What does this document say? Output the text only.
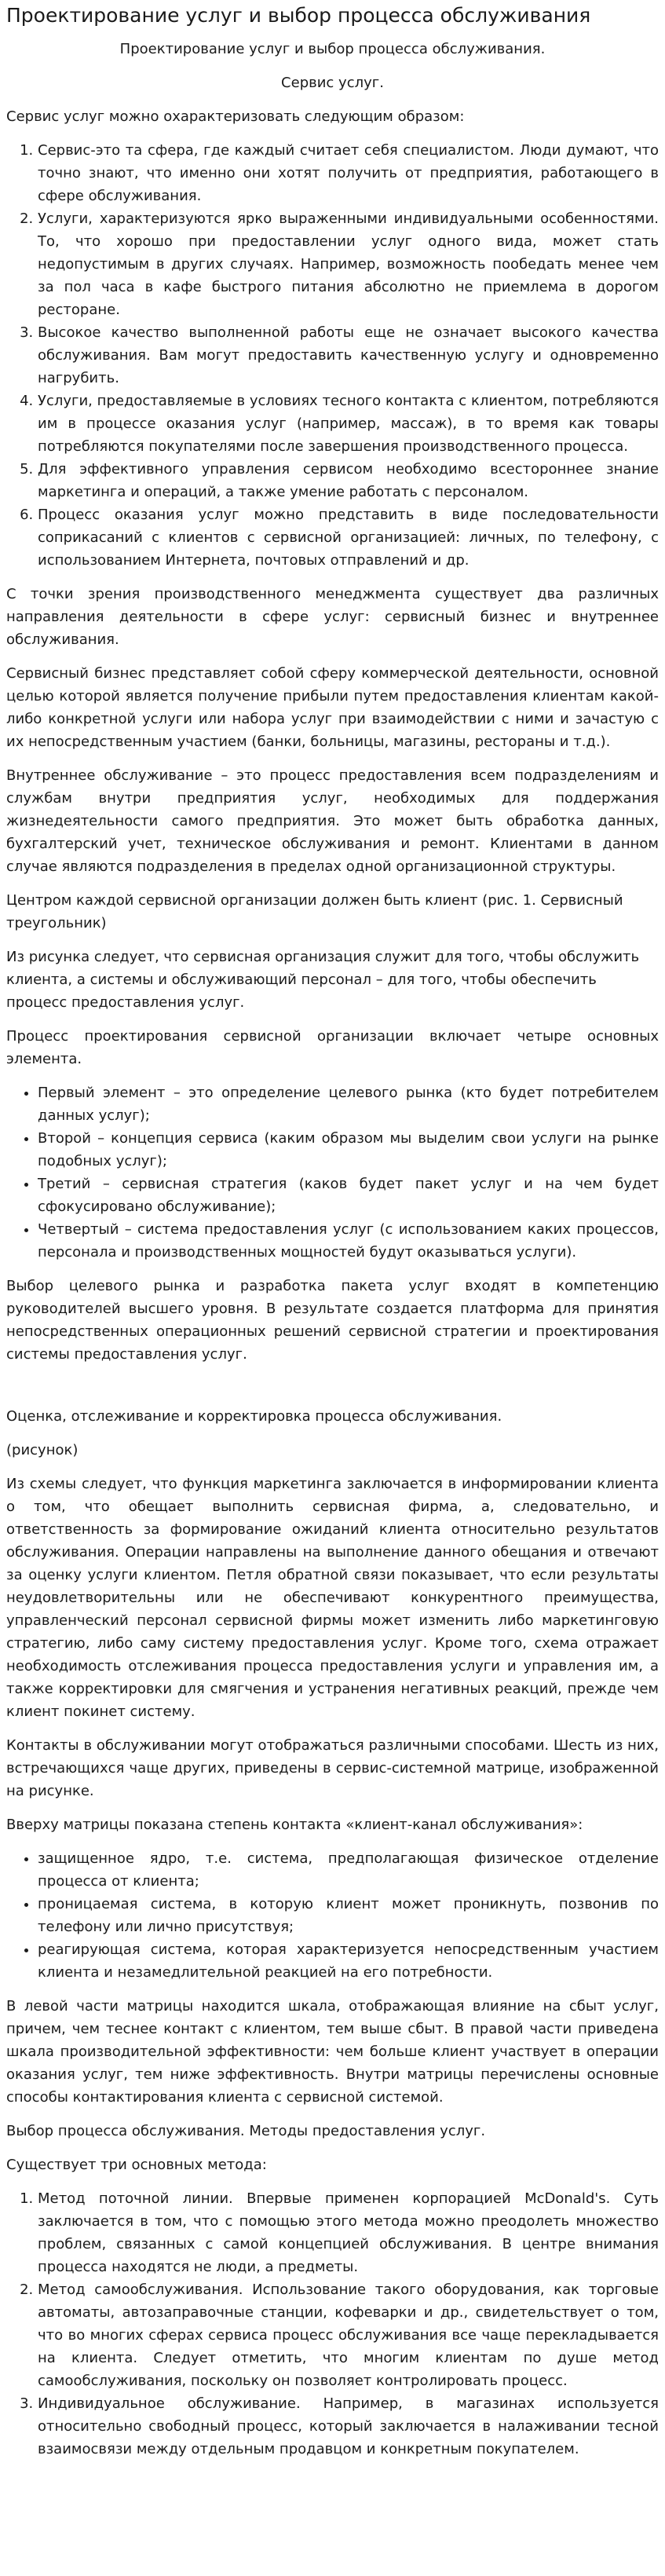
Проектирование услуг и выбор процесса обслуживания

Проектирование услуг и выбор процесса обслуживания.

Сервис услуг.

Сервис услуг можно охарактеризовать следующим образом:

1. Сервис-это та сфера, где каждый считает себя специалистом. Люди думают, что точно знают, что именно они хотят получить от предприятия, работающего в сфере обслуживания.
2. Услуги, характеризуются ярко выраженными индивидуальными особенностями. То, что хорошо при предоставлении услуг одного вида, может стать недопустимым в других случаях. Например, возможность пообедать менее чем за пол часа в кафе быстрого питания абсолютно не приемлема в дорогом ресторане.
3. Высокое качество выполненной работы еще не означает высокого качества обслуживания. Вам могут предоставить качественную услугу и одновременно нагрубить.
4. Услуги, предоставляемые в условиях тесного контакта с клиентом, потребляются им в процессе оказания услуг (например, массаж), в то время как товары потребляются покупателями после завершения производственного процесса.
5. Для эффективного управления сервисом необходимо всестороннее знание маркетинга и операций, а также умение работать с персоналом.
6. Процесс оказания услуг можно представить в виде последовательности соприкасаний с клиентов с сервисной организацией: личных, по телефону, с использованием Интернета, почтовых отправлений и др.

С точки зрения производственного менеджмента существует два различных направления деятельности в сфере услуг: сервисный бизнес и внутреннее обслуживания.

Сервисный бизнес представляет собой сферу коммерческой деятельности, основной целью которой является получение прибыли путем предоставления клиентам какой-либо конкретной услуги или набора услуг при взаимодействии с ними и зачастую с их непосредственным участием (банки, больницы, магазины, рестораны и т.д.).

Внутреннее обслуживание – это процесс предоставления всем подразделениям и службам внутри предприятия услуг, необходимых для поддержания жизнедеятельности самого предприятия. Это может быть обработка данных, бухгалтерский учет, техническое обслуживания и ремонт. Клиентами в данном случае являются подразделения в пределах одной организационной структуры.

Центром каждой сервисной организации должен быть клиент (рис. 1. Сервисный треугольник)

Из рисунка следует, что сервисная организация служит для того, чтобы обслужить клиента, а системы и обслуживающий персонал – для того, чтобы обеспечить процесс предоставления услуг.

Процесс проектирования сервисной организации включает четыре основных элемента.

• Первый элемент – это определение целевого рынка (кто будет потребителем данных услуг);
• Второй – концепция сервиса (каким образом мы выделим свои услуги на рынке подобных услуг);
• Третий – сервисная стратегия (каков будет пакет услуг и на чем будет сфокусировано обслуживание);
• Четвертый – система предоставления услуг (с использованием каких процессов, персонала и производственных мощностей будут оказываться услуги).

Выбор целевого рынка и разработка пакета услуг входят в компетенцию руководителей высшего уровня. В результате создается платформа для принятия непосредственных операционных решений сервисной стратегии и проектирования системы предоставления услуг.

Оценка, отслеживание и корректировка процесса обслуживания.

(рисунок)

Из схемы следует, что функция маркетинга заключается в информировании клиента о том, что обещает выполнить сервисная фирма, а, следовательно, и ответственность за формирование ожиданий клиента относительно результатов обслуживания. Операции направлены на выполнение данного обещания и отвечают за оценку услуги клиентом. Петля обратной связи показывает, что если результаты неудовлетворительны или не обеспечивают конкурентного преимущества, управленческий персонал сервисной фирмы может изменить либо маркетинговую стратегию, либо саму систему предоставления услуг. Кроме того, схема отражает необходимость отслеживания процесса предоставления услуги и управления им, а также корректировки для смягчения и устранения негативных реакций, прежде чем клиент покинет систему.

Контакты в обслуживании могут отображаться различными способами. Шесть из них, встречающихся чаще других, приведены в сервис-системной матрице, изображенной на рисунке.

Вверху матрицы показана степень контакта «клиент-канал обслуживания»:

• защищенное ядро, т.е. система, предполагающая физическое отделение процесса от клиента;
• проницаемая система, в которую клиент может проникнуть, позвонив по телефону или лично присутствуя;
• реагирующая система, которая характеризуется непосредственным участием клиента и незамедлительной реакцией на его потребности.

В левой части матрицы находится шкала, отображающая влияние на сбыт услуг, причем, чем теснее контакт с клиентом, тем выше сбыт. В правой части приведена шкала производительной эффективности: чем больше клиент участвует в операции оказания услуг, тем ниже эффективность. Внутри матрицы перечислены основные способы контактирования клиента с сервисной системой.

Выбор процесса обслуживания. Методы предоставления услуг.

Существует три основных метода:

1. Метод поточной линии. Впервые применен корпорацией McDonald's. Суть заключается в том, что с помощью этого метода можно преодолеть множество проблем, связанных с самой концепцией обслуживания. В центре внимания процесса находятся не люди, а предметы.
2. Метод самообслуживания. Использование такого оборудования, как торговые автоматы, автозаправочные станции, кофеварки и др., свидетельствует о том, что во многих сферах сервиса процесс обслуживания все чаще перекладывается на клиента. Следует отметить, что многим клиентам по душе метод самообслуживания, поскольку он позволяет контролировать процесс.
3. Индивидуальное обслуживание. Например, в магазинах используется относительно свободный процесс, который заключается в налаживании тесной взаимосвязи между отдельным продавцом и конкретным покупателем.
